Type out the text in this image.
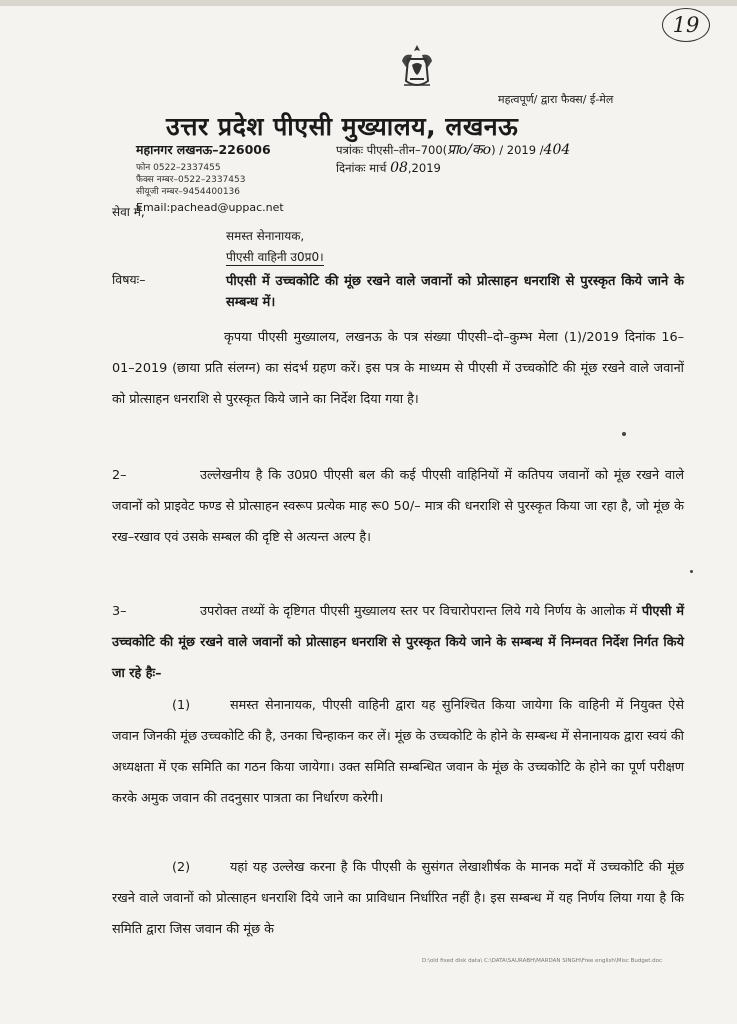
19
महत्वपूर्ण/ द्वारा फैक्स/ ई-मेल
उत्तर प्रदेश पीएसी मुख्यालय, लखनऊ
महानगर लखनऊ–226006
फोन 0522–2337455
फैक्स नम्बर–0522–2337453
सीयूजी नम्बर–9454400136
Email:pachead@uppac.net
पत्रांकः पीएसी–तीन–700(प्राo/कo) / 2019 /404
दिनांकः मार्च 08,2019
सेवा में,
समस्त सेनानायक,
पीएसी वाहिनी उ0प्र0।
विषयः–	पीएसी में उच्चकोटि की मूंछ रखने वाले जवानों को प्रोत्साहन धनराशि से पुरस्कृत किये जाने के सम्बन्ध में।
कृपया पीएसी मुख्यालय, लखनऊ के पत्र संख्या पीएसी–दो–कुम्भ मेला (1)/2019 दिनांक 16–01–2019 (छाया प्रति संलग्न) का संदर्भ ग्रहण करें। इस पत्र के माध्यम से पीएसी में उच्चकोटि की मूंछ रखने वाले जवानों को प्रोत्साहन धनराशि से पुरस्कृत किये जाने का निर्देश दिया गया है।
2–	उल्लेखनीय है कि उ0प्र0 पीएसी बल की कई पीएसी वाहिनियों में कतिपय जवानों को मूंछ रखने वाले जवानों को प्राइवेट फण्ड से प्रोत्साहन स्वरूप प्रत्येक माह रू0 50/– मात्र की धनराशि से पुरस्कृत किया जा रहा है, जो मूंछ के रख–रखाव एवं उसके सम्बल की दृष्टि से अत्यन्त अल्प है।
3–	उपरोक्त तथ्यों के दृष्टिगत पीएसी मुख्यालय स्तर पर विचारोपरान्त लिये गये निर्णय के आलोक में पीएसी में उच्चकोटि की मूंछ रखने वाले जवानों को प्रोत्साहन धनराशि से पुरस्कृत किये जाने के सम्बन्ध में निम्नवत निर्देश निर्गत किये जा रहे हैः–
(1)	समस्त सेनानायक, पीएसी वाहिनी द्वारा यह सुनिश्चित किया जायेगा कि वाहिनी में नियुक्त ऐसे जवान जिनकी मूंछ उच्चकोटि की है, उनका चिन्हाकन कर लें। मूंछ के उच्चकोटि के होने के सम्बन्ध में सेनानायक द्वारा स्वयं की अध्यक्षता में एक समिति का गठन किया जायेगा। उक्त समिति सम्बन्धित जवान के मूंछ के उच्चकोटि के होने का पूर्ण परीक्षण करके अमुक जवान की तदनुसार पात्रता का निर्धारण करेगी।
(2)	यहां यह उल्लेख करना है कि पीएसी के सुसंगत लेखाशीर्षक के मानक मदों में उच्चकोटि की मूंछ रखने वाले जवानों को प्रोत्साहन धनराशि दिये जाने का प्राविधान निर्धारित नहीं है। इस सम्बन्ध में यह निर्णय लिया गया है कि समिति द्वारा जिस जवान की मूंछ के
D:\old fixed disk data\ C:\DATA\SAURABH\MARDAN SINGH\Free english\Misc Budget.doc
